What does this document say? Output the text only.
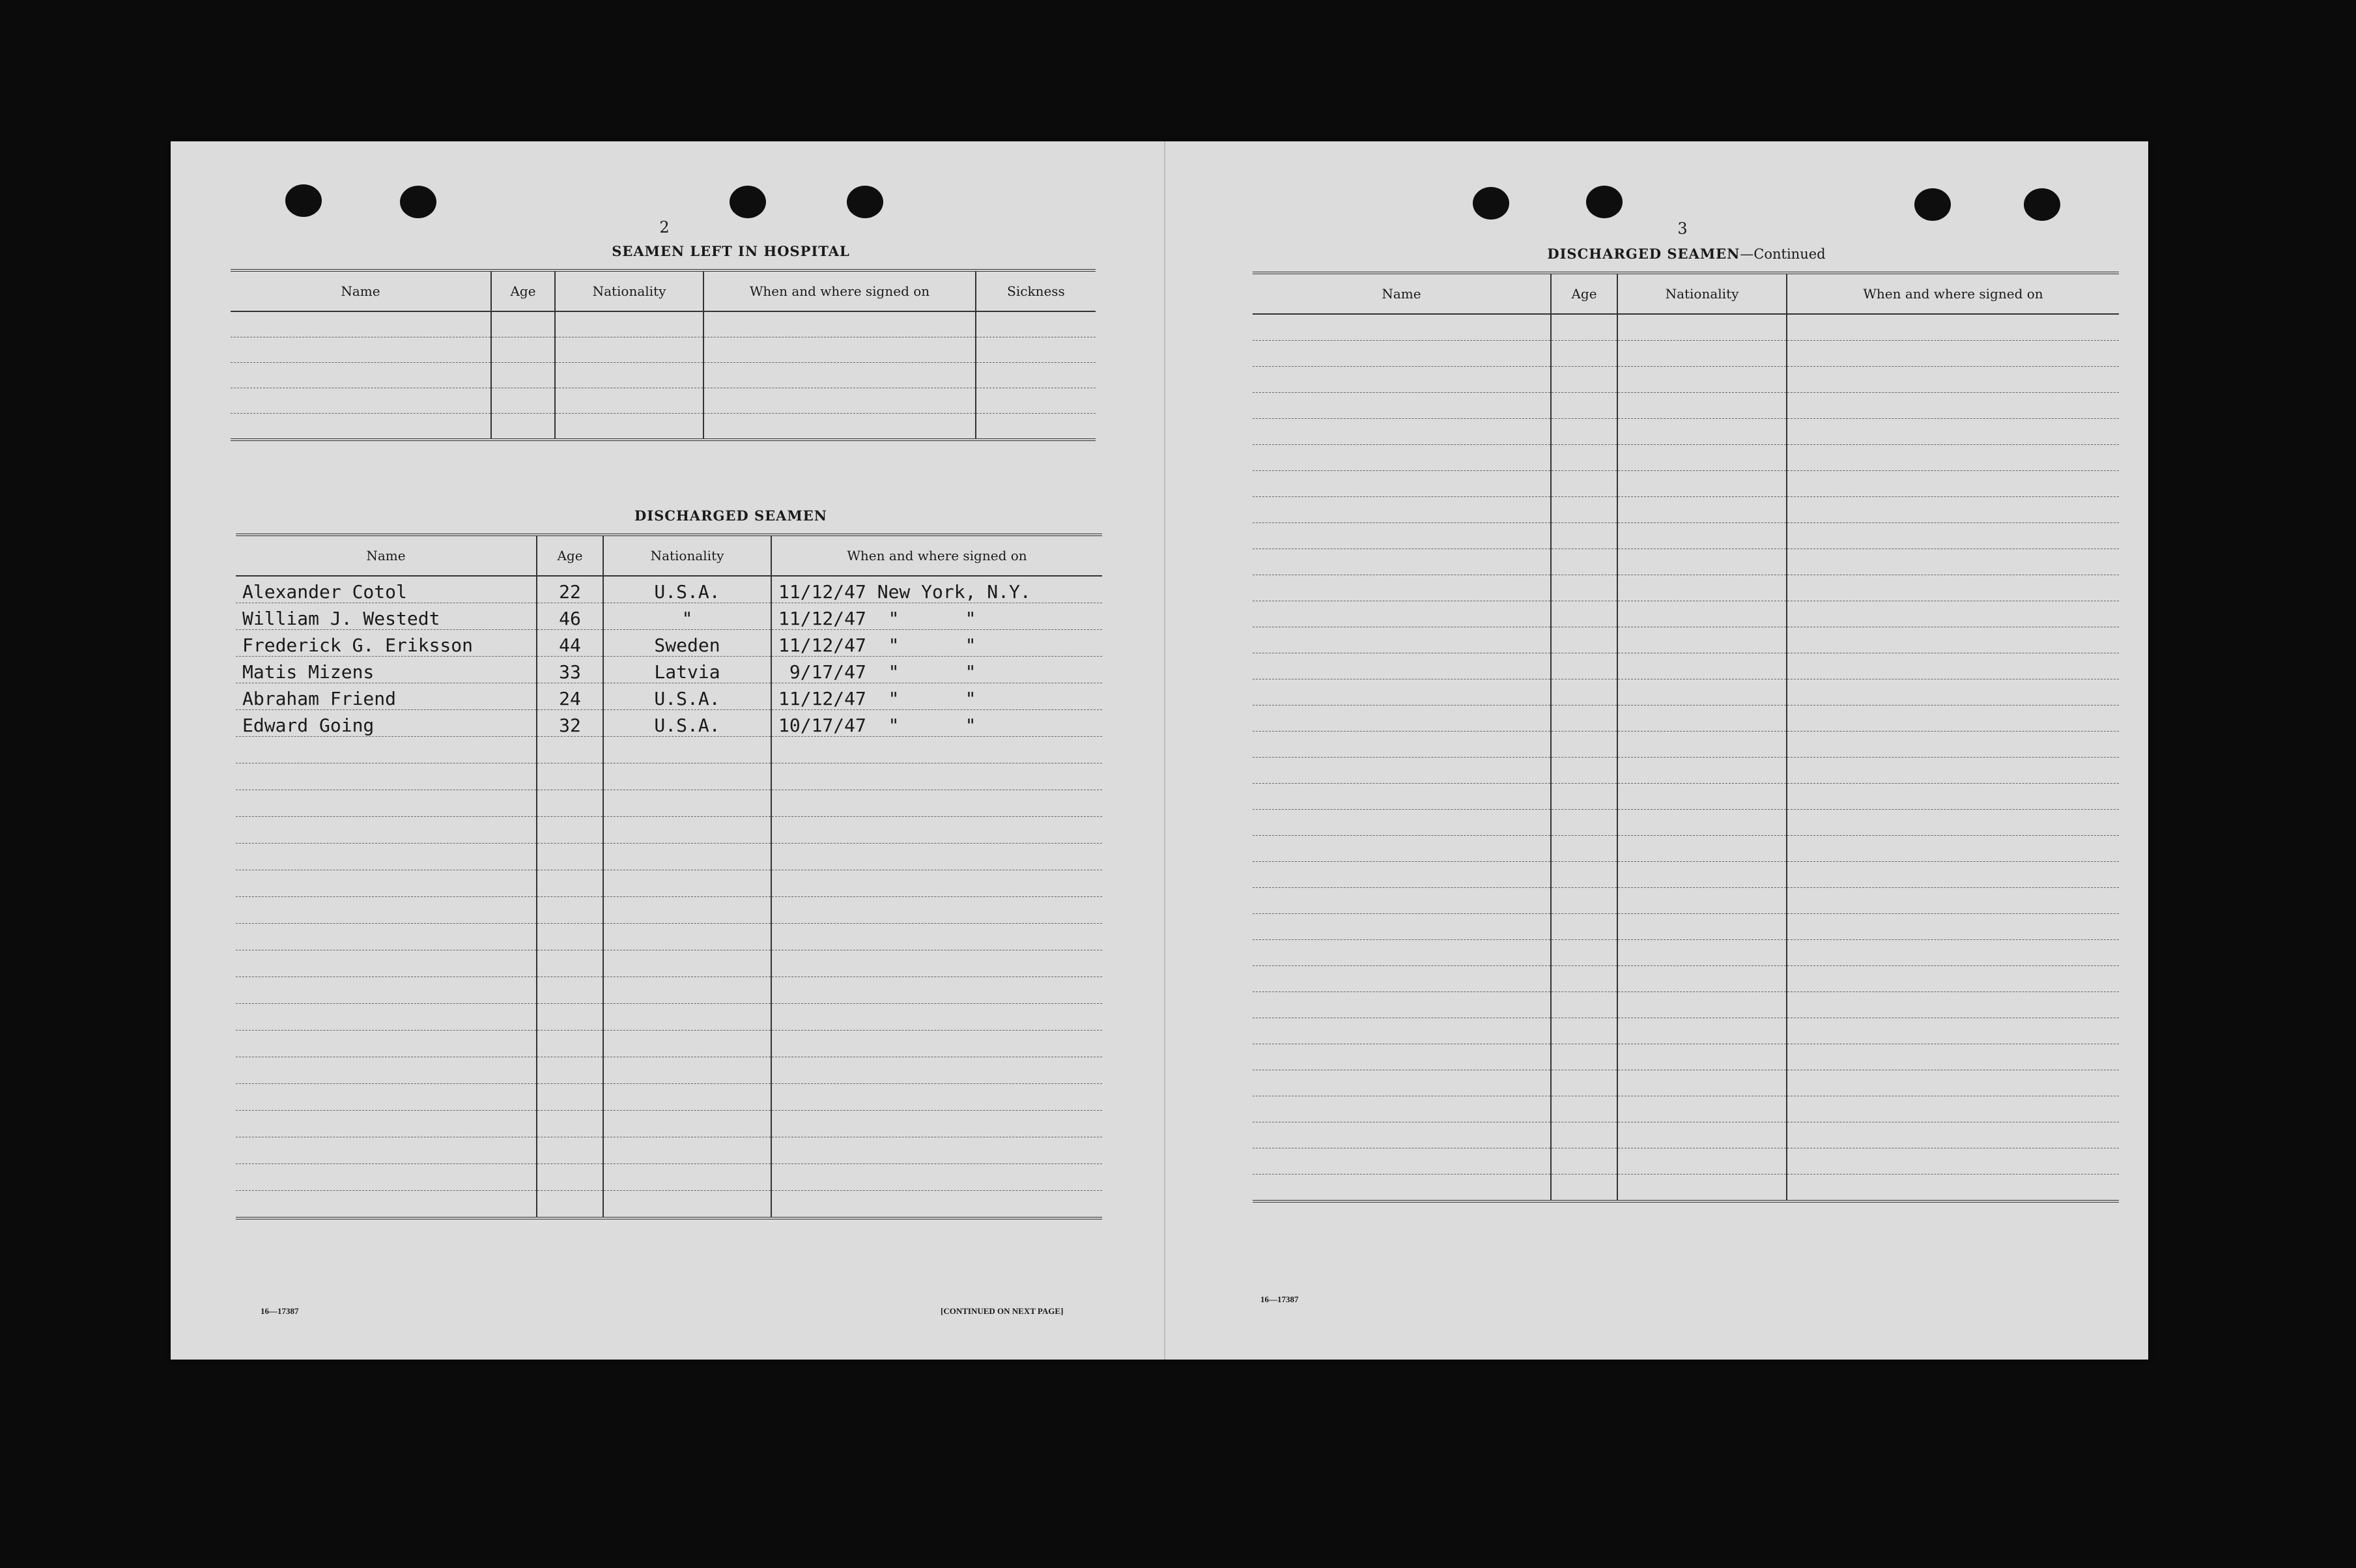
2
SEAMEN LEFT IN HOSPITAL
Name	Age	Nationality	When and where signed on	Sickness

DISCHARGED SEAMEN
Name	Age	Nationality	When and where signed on
Alexander Cotol	22	U.S.A.	11/12/47 New York, N.Y.
William J. Westedt	46	"	11/12/47  "      "
Frederick G. Eriksson	44	Sweden	11/12/47  "      "
Matis Mizens	33	Latvia	9/17/47  "      "
Abraham Friend	24	U.S.A.	11/12/47  "      "
Edward Going	32	U.S.A.	10/17/47  "      "

16—17387	[CONTINUED ON NEXT PAGE]
3
DISCHARGED SEAMEN—Continued
Name	Age	Nationality	When and where signed on

16—17387
